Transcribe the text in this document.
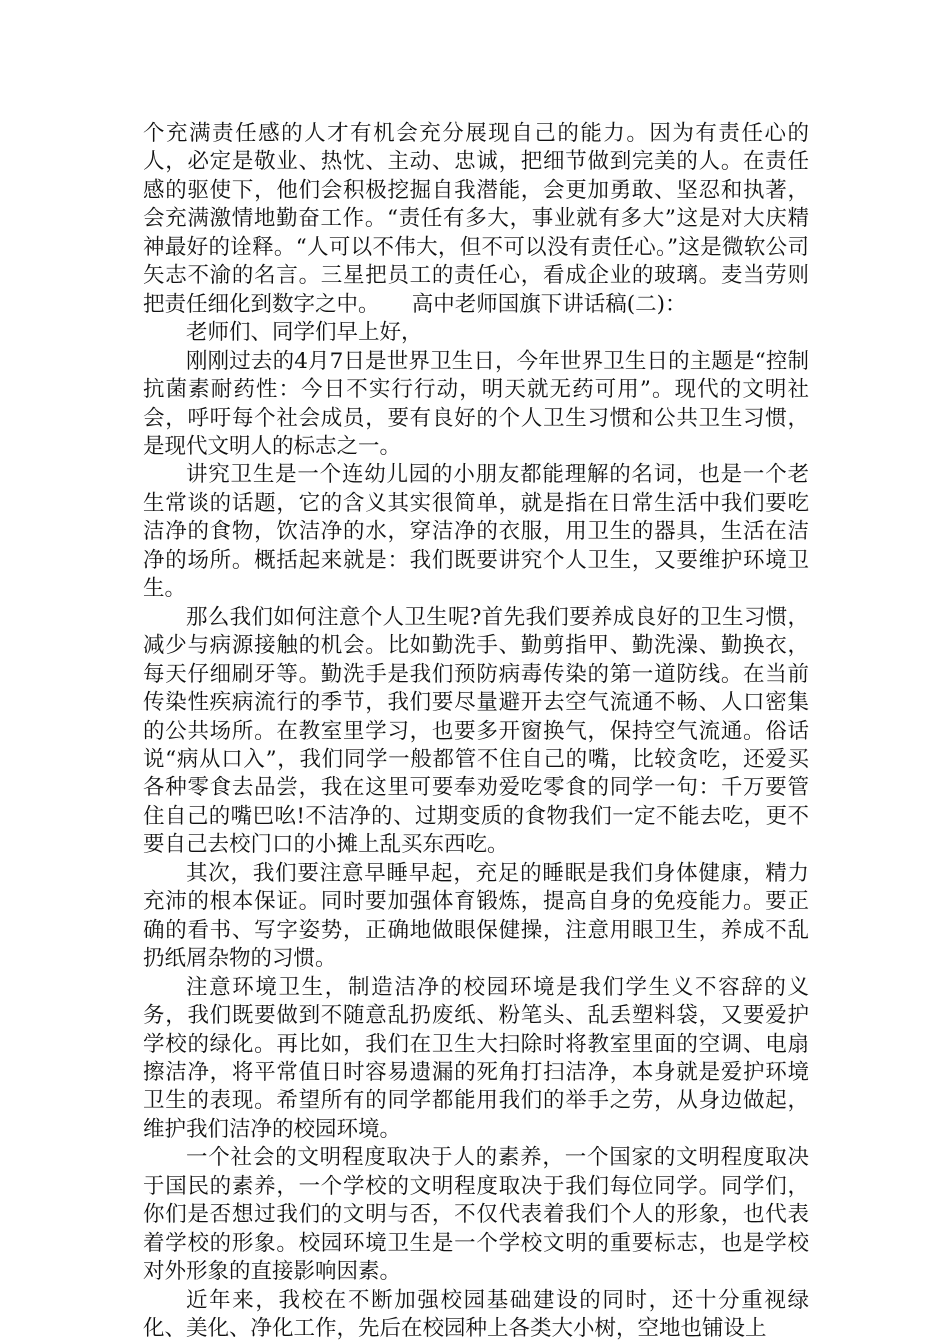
个充满责任感的人才有机会充分展现自己的能力。因为有责任心的人，必定是敬业、热忱、主动、忠诚，把细节做到完美的人。在责任感的驱使下，他们会积极挖掘自我潜能，会更加勇敢、坚忍和执著，会充满激情地勤奋工作。“责任有多大，事业就有多大”这是对大庆精神最好的诠释。“人可以不伟大，但不可以没有责任心。”这是微软公司矢志不渝的名言。三星把员工的责任心，看成企业的玻璃。麦当劳则把责任细化到数字之中。　　高中老师国旗下讲话稿(二)：

老师们、同学们早上好，

刚刚过去的4月7日是世界卫生日，今年世界卫生日的主题是“控制抗菌素耐药性：今日不实行行动，明天就无药可用”。现代的文明社会，呼吁每个社会成员，要有良好的个人卫生习惯和公共卫生习惯，是现代文明人的标志之一。

讲究卫生是一个连幼儿园的小朋友都能理解的名词，也是一个老生常谈的话题，它的含义其实很简单，就是指在日常生活中我们要吃洁净的食物，饮洁净的水，穿洁净的衣服，用卫生的器具，生活在洁净的场所。概括起来就是：我们既要讲究个人卫生，又要维护环境卫生。

那么我们如何注意个人卫生呢?首先我们要养成良好的卫生习惯，减少与病源接触的机会。比如勤洗手、勤剪指甲、勤洗澡、勤换衣，每天仔细刷牙等。勤洗手是我们预防病毒传染的第一道防线。在当前传染性疾病流行的季节，我们要尽量避开去空气流通不畅、人口密集的公共场所。在教室里学习，也要多开窗换气，保持空气流通。俗话说“病从口入”，我们同学一般都管不住自己的嘴，比较贪吃，还爱买各种零食去品尝，我在这里可要奉劝爱吃零食的同学一句：千万要管住自己的嘴巴吆!不洁净的、过期变质的食物我们一定不能去吃，更不要自己去校门口的小摊上乱买东西吃。

其次，我们要注意早睡早起，充足的睡眠是我们身体健康，精力充沛的根本保证。同时要加强体育锻炼，提高自身的免疫能力。要正确的看书、写字姿势，正确地做眼保健操，注意用眼卫生，养成不乱扔纸屑杂物的习惯。

注意环境卫生，制造洁净的校园环境是我们学生义不容辞的义务，我们既要做到不随意乱扔废纸、粉笔头、乱丢塑料袋，又要爱护学校的绿化。再比如，我们在卫生大扫除时将教室里面的空调、电扇擦洁净，将平常值日时容易遗漏的死角打扫洁净，本身就是爱护环境卫生的表现。希望所有的同学都能用我们的举手之劳，从身边做起，维护我们洁净的校园环境。

一个社会的文明程度取决于人的素养，一个国家的文明程度取决于国民的素养，一个学校的文明程度取决于我们每位同学。同学们，你们是否想过我们的文明与否，不仅代表着我们个人的形象，也代表着学校的形象。校园环境卫生是一个学校文明的重要标志，也是学校对外形象的直接影响因素。

近年来，我校在不断加强校园基础建设的同时，还十分重视绿化、美化、净化工作，先后在校园种上各类大小树，空地也铺设上
